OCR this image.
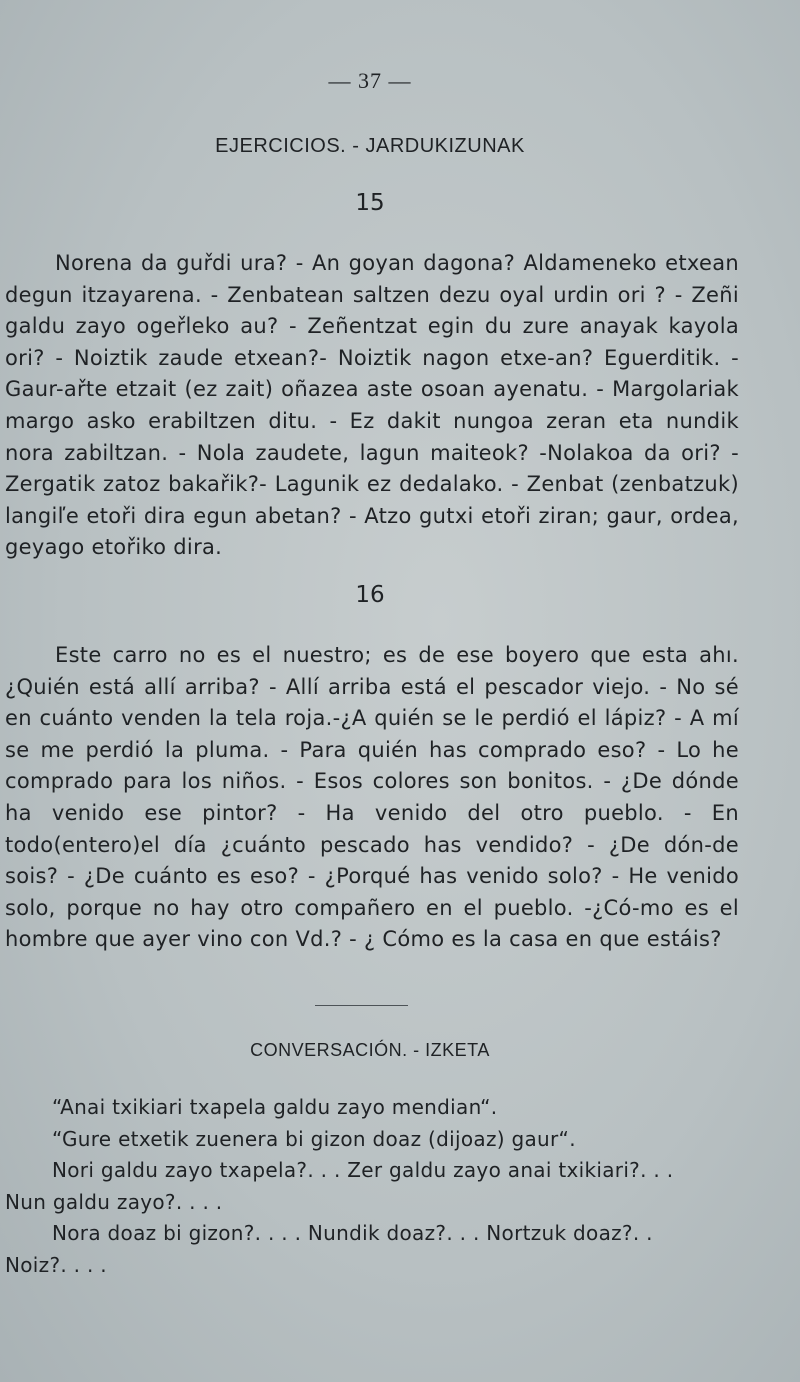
— 37 —
EJERCICIOS. - JARDUKIZUNAK
15
Norena da guřdi ura? - An goyan dagona? Aldameneko etxean degun itzayarena. - Zenbatean saltzen dezu oyal urdin ori ? - Zeñi galdu zayo ogeřleko au? - Zeñentzat egin du zure anayak kayola ori? - Noiztik zaude etxean?- Noiztik nagon etxe-an? Eguerditik. - Gaur-ařte etzait (ez zait) oñazea aste osoan ayenatu. - Margolariak margo asko erabiltzen ditu. - Ez dakit nungoa zeran eta nundik nora zabiltzan. - Nola zaudete, lagun maiteok? -Nolakoa da ori? - Zergatik zatoz bakařik?- Lagunik ez dedalako. - Zenbat (zenbatzuk) langiľe etoři dira egun abetan? - Atzo gutxi etoři ziran; gaur, ordea, geyago etořiko dira.
16
Este carro no es el nuestro; es de ese boyero que esta ahı. ¿Quién está allí arriba? - Allí arriba está el pescador viejo. - No sé en cuánto venden la tela roja.-¿A quién se le perdió el lápiz? - A mí se me perdió la pluma. - Para quién has comprado eso? - Lo he comprado para los niños. - Esos colores son bonitos. - ¿De dónde ha venido ese pintor? - Ha venido del otro pueblo. - En todo(entero)el día ¿cuánto pescado has vendido? - ¿De dón-de sois? - ¿De cuánto es eso? - ¿Porqué has venido solo? - He venido solo, porque no hay otro compañero en el pueblo. -¿Có-mo es el hombre que ayer vino con Vd.? - ¿ Cómo es la casa en que estáis?
CONVERSACIÓN. - IZKETA
“Anai txikiari txapela galdu zayo mendian“.
“Gure etxetik zuenera bi gizon doaz (dijoaz) gaur“.
Nori galdu zayo txapela?. . . Zer galdu zayo anai txikiari?. . .
Nun galdu zayo?. . . .
Nora doaz bi gizon?. . . . Nundik doaz?. . . Nortzuk doaz?. .
Noiz?. . . .
